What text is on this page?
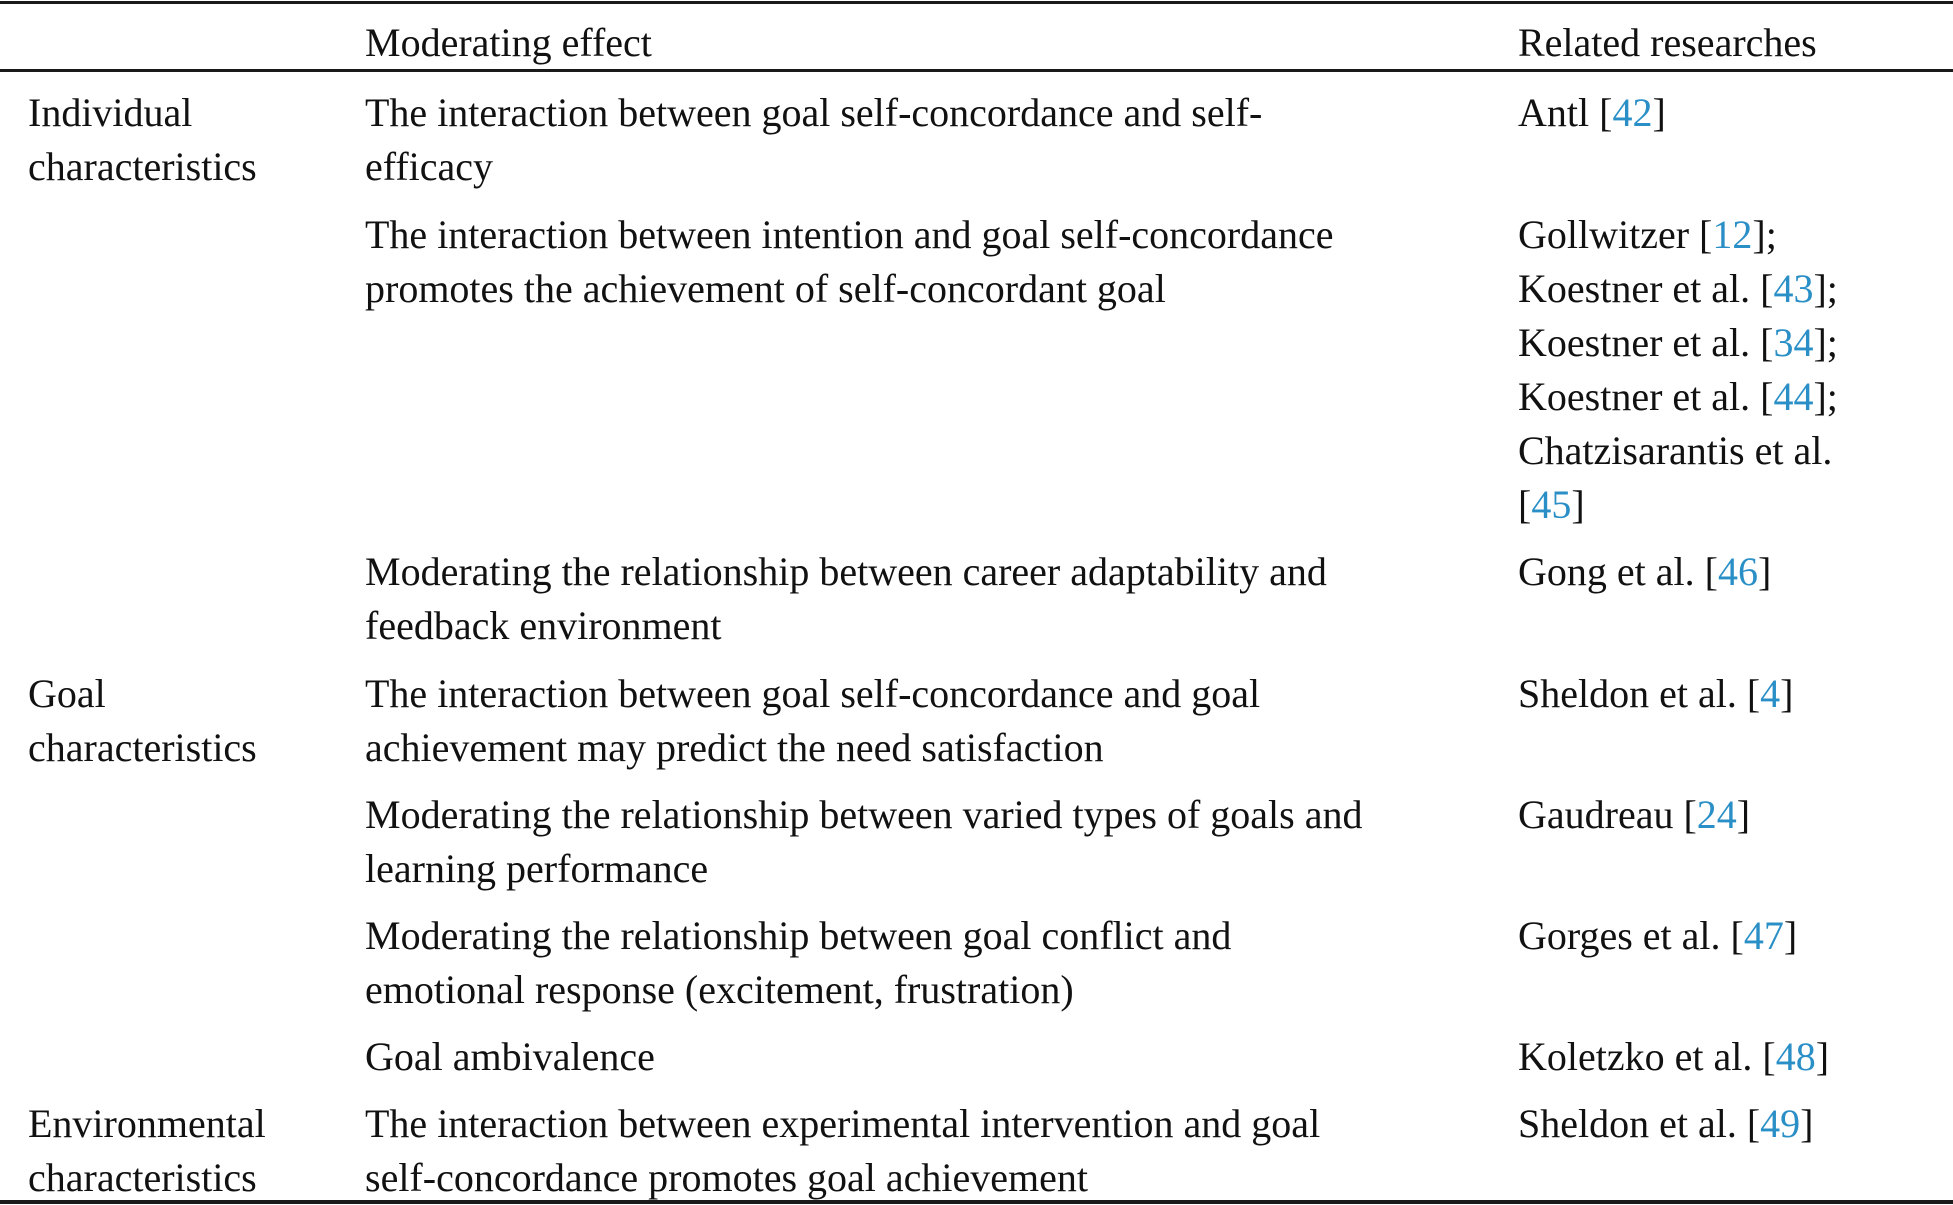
Moderating effect	Related researches
Individual
characteristics
The interaction between goal self-concordance and self-
efficacy
Antl [42]
The interaction between intention and goal self-concordance
promotes the achievement of self-concordant goal
Gollwitzer [12];
Koestner et al. [43];
Koestner et al. [34];
Koestner et al. [44];
Chatzisarantis et al.
[45]
Moderating the relationship between career adaptability and
feedback environment
Gong et al. [46]
Goal
characteristics
The interaction between goal self-concordance and goal
achievement may predict the need satisfaction
Sheldon et al. [4]
Moderating the relationship between varied types of goals and
learning performance
Gaudreau [24]
Moderating the relationship between goal conflict and
emotional response (excitement, frustration)
Gorges et al. [47]
Goal ambivalence	Koletzko et al. [48]
Environmental
characteristics
The interaction between experimental intervention and goal
self-concordance promotes goal achievement
Sheldon et al. [49]
